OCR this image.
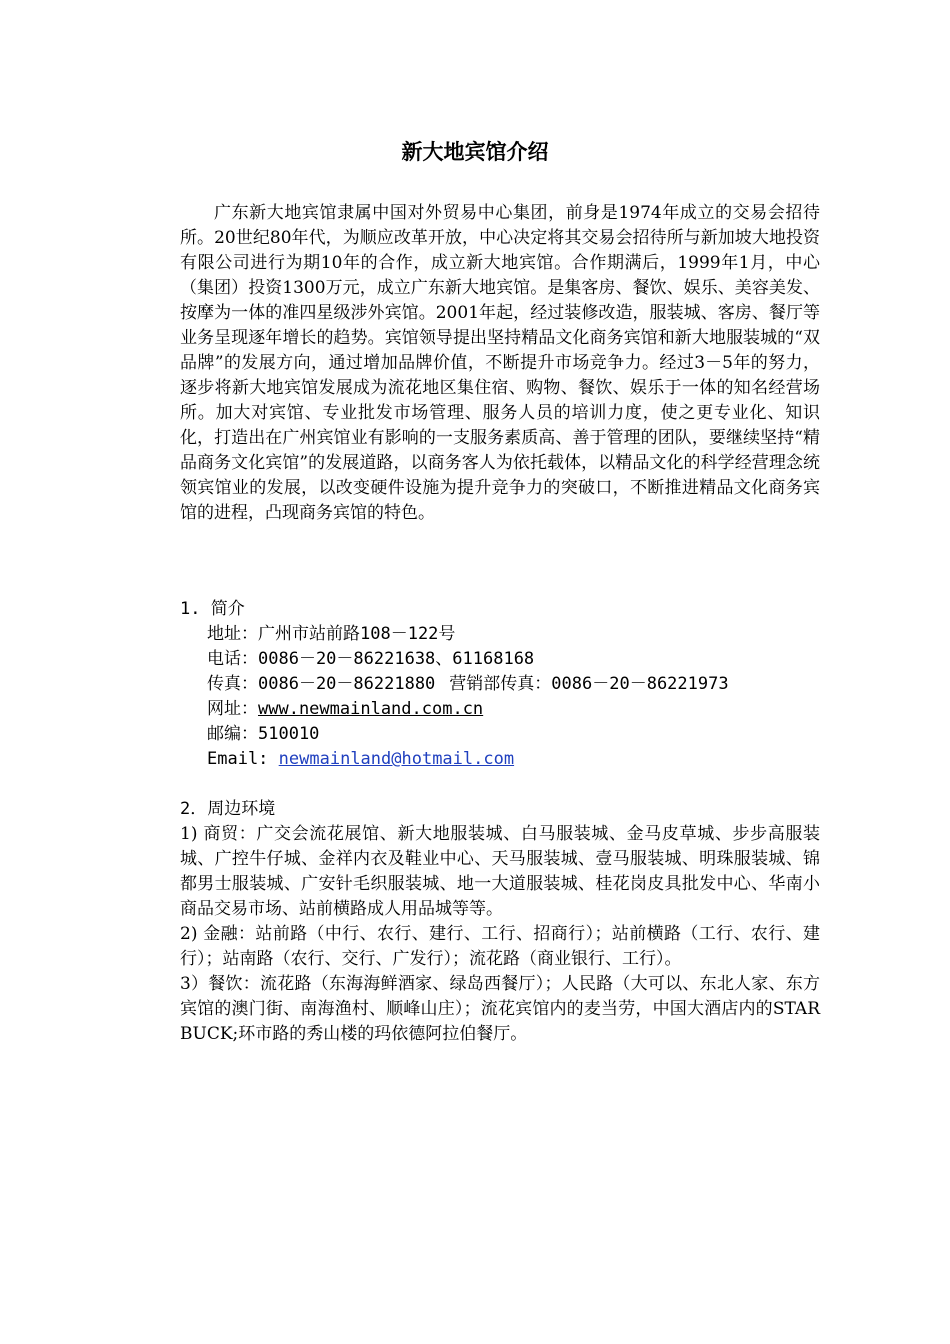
新大地宾馆介绍

广东新大地宾馆隶属中国对外贸易中心集团，前身是1974年成立的交易会招待所。20世纪80年代，为顺应改革开放，中心决定将其交易会招待所与新加坡大地投资有限公司进行为期10年的合作，成立新大地宾馆。合作期满后，1999年1月，中心（集团）投资1300万元，成立广东新大地宾馆。是集客房、餐饮、娱乐、美容美发、按摩为一体的准四星级涉外宾馆。2001年起，经过装修改造，服装城、客房、餐厅等业务呈现逐年增长的趋势。宾馆领导提出坚持精品文化商务宾馆和新大地服装城的“双品牌”的发展方向，通过增加品牌价值，不断提升市场竞争力。经过3－5年的努力，逐步将新大地宾馆发展成为流花地区集住宿、购物、餐饮、娱乐于一体的知名经营场所。加大对宾馆、专业批发市场管理、服务人员的培训力度，使之更专业化、知识化，打造出在广州宾馆业有影响的一支服务素质高、善于管理的团队，要继续坚持“精品商务文化宾馆”的发展道路，以商务客人为依托载体，以精品文化的科学经营理念统领宾馆业的发展，以改变硬件设施为提升竞争力的突破口，不断推进精品文化商务宾馆的进程，凸现商务宾馆的特色。

1. 简介
地址：广州市站前路108－122号
电话：0086－20－86221638、61168168
传真：0086－20－86221880 营销部传真：0086－20－86221973
网址：www.newmainland.com.cn
邮编：510010
Email: newmainland@hotmail.com
2．周边环境
1) 商贸：广交会流花展馆、新大地服装城、白马服装城、金马皮草城、步步高服装城、广控牛仔城、金祥内衣及鞋业中心、天马服装城、壹马服装城、明珠服装城、锦都男士服装城、广安针毛织服装城、地一大道服装城、桂花岗皮具批发中心、华南小商品交易市场、站前横路成人用品城等等。
2) 金融：站前路（中行、农行、建行、工行、招商行）；站前横路（工行、农行、建行）；站南路（农行、交行、广发行）；流花路（商业银行、工行）。
3）餐饮：流花路（东海海鲜酒家、绿岛西餐厅）；人民路（大可以、东北人家、东方宾馆的澳门街、南海渔村、顺峰山庄）；流花宾馆内的麦当劳，中国大酒店内的STAR BUCK;环市路的秀山楼的玛依德阿拉伯餐厅。
